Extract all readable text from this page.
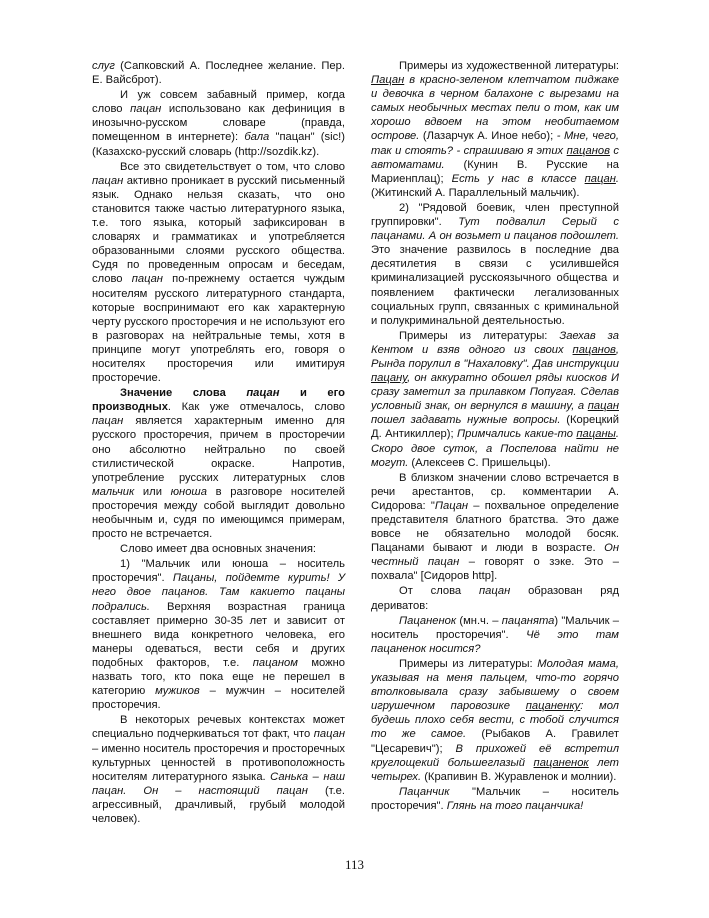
слуг (Сапковский А. Последнее желание. Пер. Е. Вайсброт).

И уж совсем забавный пример, когда слово пацан использовано как дефиниция в инозычно-русском словаре (правда, помещенном в интернете): бала "пацан" (sic!) (Казахско-русский словарь (http://sozdik.kz).

Все это свидетельствует о том, что слово пацан активно проникает в русский письменный язык. Однако нельзя сказать, что оно становится также частью литературного языка, т.е. того языка, который зафиксирован в словарях и грамматиках и употребляется образованными слоями русского общества. Судя по проведенным опросам и беседам, слово пацан по-прежнему остается чуждым носителям русского литературного стандарта, которые воспринимают его как характерную черту русского просторечия и не используют его в разговорах на нейтральные темы, хотя в принципе могут употреблять его, говоря о носителях просторечия или имитируя просторечие.

Значение слова пацан и его производных. Как уже отмечалось, слово пацан является характерным именно для русского просторечия, причем в просторечии оно абсолютно нейтрально по своей стилистической окраске. Напротив, употребление русских литературных слов мальчик или юноша в разговоре носителей просторечия между собой выглядит довольно необычным и, судя по имеющимся примерам, просто не встречается.

Слово имеет два основных значения:

1) "Мальчик или юноша – носитель просторечия". Пацаны, пойдемте курить! У него двое пацанов. Там какието пацаны подрались. Верхняя возрастная граница составляет примерно 30-35 лет и зависит от внешнего вида конкретного человека, его манеры одеваться, вести себя и других подобных факторов, т.е. пацаном можно назвать того, кто пока еще не перешел в категорию мужиков – мужчин – носителей просторечия.

В некоторых речевых контекстах может специально подчеркиваться тот факт, что пацан – именно носитель просторечия и просторечных культурных ценностей в противоположность носителям литературного языка. Санька – наш пацан. Он – настоящий пацан (т.е. агрессивный, драчливый, грубый молодой человек).

Примеры из художественной литературы: Пацан в красно-зеленом клетчатом пиджаке и девочка в черном балахоне с вырезами на самых необычных местах пели о том, как им хорошо вдвоем на этом необитаемом острове. (Лазарчук А. Иное небо); - Мне, чего, так и стоять? - спрашиваю я этих пацанов с автоматами. (Кунин В. Русские на Мариенплац); Есть у нас в классе пацан. (Житинский А. Параллельный мальчик).

2) "Рядовой боевик, член преступной группировки". Тут подвалил Серый с пацанами. А он возьмет и пацанов подошлет. Это значение развилось в последние два десятилетия в связи с усилившейся криминализацией русскоязычного общества и появлением фактически легализованных социальных групп, связанных с криминальной и полукриминальной деятельностью.

Примеры из литературы: Заехав за Кентом и взяв одного из своих пацанов, Рында порулил в "Нахаловку". Дав инструкции пацану, он аккуратно обошел ряды киосков И сразу заметил за прилавком Попугая. Сделав условный знак, он вернулся в машину, а пацан пошел задавать нужные вопросы. (Корецкий Д. Антикиллер); Примчались какие-то пацаны. Скоро двое суток, а Поспелова найти не могут. (Алексеев С. Пришельцы).

В близком значении слово встречается в речи арестантов, ср. комментарии А. Сидорова: "Пацан – похвальное определение представителя блатного братства. Это даже вовсе не обязательно молодой босяк. Пацанами бывают и люди в возрасте. Он честный пацан – говорят о зэке. Это – похвала" [Сидоров http].

От слова пацан образован ряд дериватов:

Пацаненок (мн.ч. – пацанята) "Мальчик – носитель просторечия". Чё это там пацаненок носится?

Примеры из литературы: Молодая мама, указывая на меня пальцем, что-то горячо втолковывала сразу забывшему о своем игрушечном паровозике пацаненку: мол будешь плохо себя вести, с тобой случится то же самое. (Рыбаков А. Гравилет "Цесаревич"); В прихожей её встретил круглощекий большеглазый пацаненок лет четырех. (Крапивин В. Журавленок и молнии).

Пацанчик "Мальчик – носитель просторечия". Глянь на того пацанчика!

113
